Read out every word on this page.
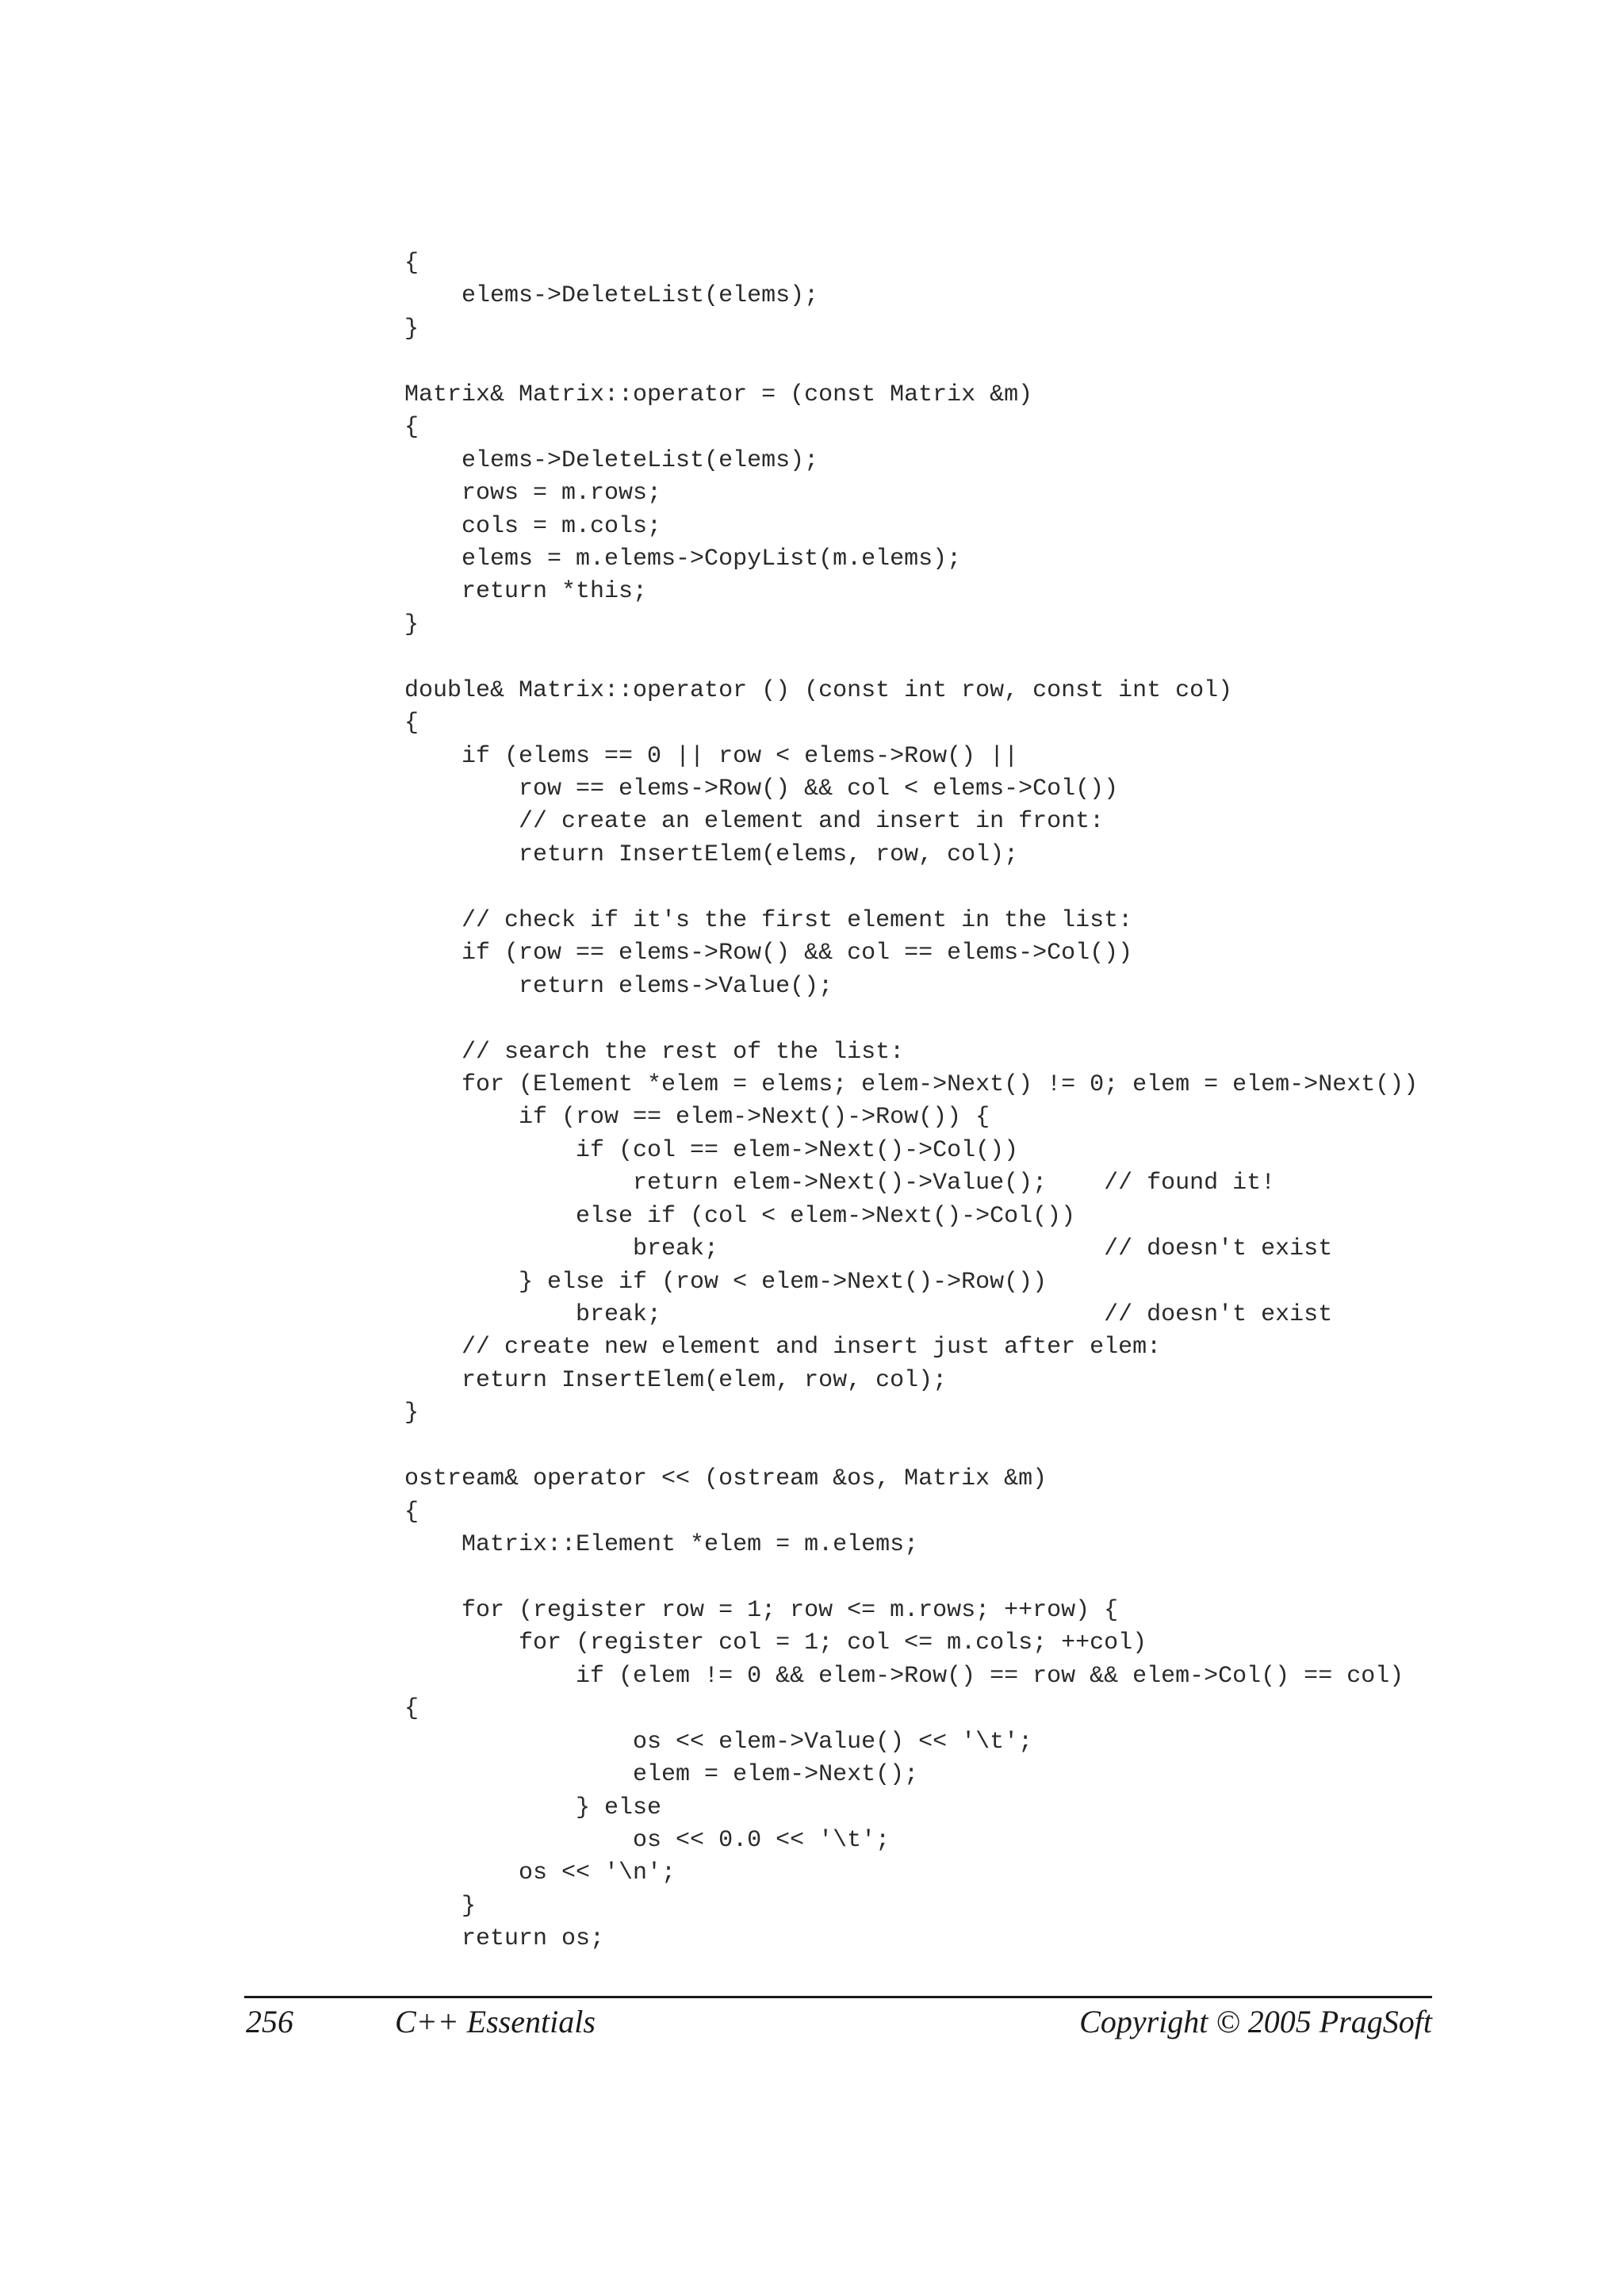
{
elems->DeleteList(elems);
}
Matrix& Matrix::operator = (const Matrix &m)
{
elems->DeleteList(elems);
rows = m.rows;
cols = m.cols;
elems = m.elems->CopyList(m.elems);
return *this;
}
double& Matrix::operator () (const int row, const int col)
{
if (elems == 0 || row < elems->Row() ||
row == elems->Row() && col < elems->Col())
// create an element and insert in front:
return InsertElem(elems, row, col);
// check if it's the first element in the list:
if (row == elems->Row() && col == elems->Col())
return elems->Value();
// search the rest of the list:
for (Element *elem = elems; elem->Next() != 0; elem = elem->Next())
if (row == elem->Next()->Row()) {
if (col == elem->Next()->Col())
return elem->Next()->Value();    // found it!
else if (col < elem->Next()->Col())
break;                           // doesn't exist
} else if (row < elem->Next()->Row())
break;                               // doesn't exist
// create new element and insert just after elem:
return InsertElem(elem, row, col);
}
ostream& operator << (ostream &os, Matrix &m)
{
Matrix::Element *elem = m.elems;
for (register row = 1; row <= m.rows; ++row) {
for (register col = 1; col <= m.cols; ++col)
if (elem != 0 && elem->Row() == row && elem->Col() == col)
{
os << elem->Value() << '\t';
elem = elem->Next();
} else
os << 0.0 << '\t';
os << '\n';
}
return os;
256	C++ Essentials	Copyright © 2005 PragSoft
